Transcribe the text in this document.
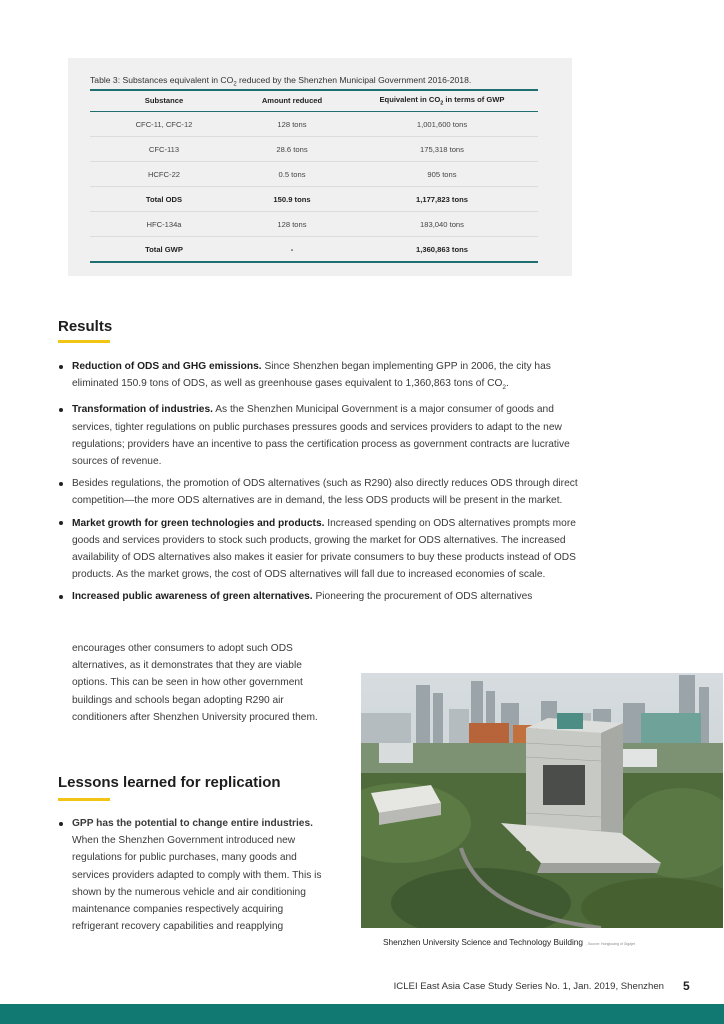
Table 3: Substances equivalent in $CO_2$ reduced by the Shenzhen Municipal Government 2016-2018.
Substance	Amount reduced	Equivalent in $CO_2$ in terms of GWP
CFC-11, CFC-12	128 tons	1,001,600 tons
CFC-113	28.6 tons	175,318 tons
HCFC-22	0.5 tons	905 tons
Total ODS	150.9 tons	1,177,823 tons
HFC-134a	128 tons	183,040 tons
Total GWP	-	1,360,863 tons
Results
Reduction of ODS and GHG emissions. Since Shenzhen began implementing GPP in 2006, the city has eliminated 150.9 tons of ODS, as well as greenhouse gases equivalent to 1,360,863 tons of $CO_2$.
Transformation of industries. As the Shenzhen Municipal Government is a major consumer of goods and services, tighter regulations on public purchases pressures goods and services providers to adapt to the new regulations; providers have an incentive to pass the certification process as government contracts are lucrative sources of revenue.
Besides regulations, the promotion of ODS alternatives (such as R290) also directly reduces ODS through direct competition—the more ODS alternatives are in demand, the less ODS products will be present in the market.
Market growth for green technologies and products. Increased spending on ODS alternatives prompts more goods and services providers to stock such products, growing the market for ODS alternatives. The increased availability of ODS alternatives also makes it easier for private consumers to buy these products instead of ODS products. As the market grows, the cost of ODS alternatives will fall due to increased economies of scale.
Increased public awareness of green alternatives. Pioneering the procurement of ODS alternatives
encourages other consumers to adopt such ODS alternatives, as it demonstrates that they are viable options. This can be seen in how other government buildings and schools began adopting R290 air conditioners after Shenzhen University procured them.
Lessons learned for replication
GPP has the potential to change entire industries. When the Shenzhen Government introduced new regulations for public purchases, many goods and services providers adapted to comply with them. This is shown by the numerous vehicle and air conditioning maintenance companies respectively acquiring refrigerant recovery capabilities and reapplying
Shenzhen University Science and Technology Building , Source: Hongkuang of Gigajet
ICLEI East Asia Case Study Series No. 1, Jan. 2019, Shenzhen 5
